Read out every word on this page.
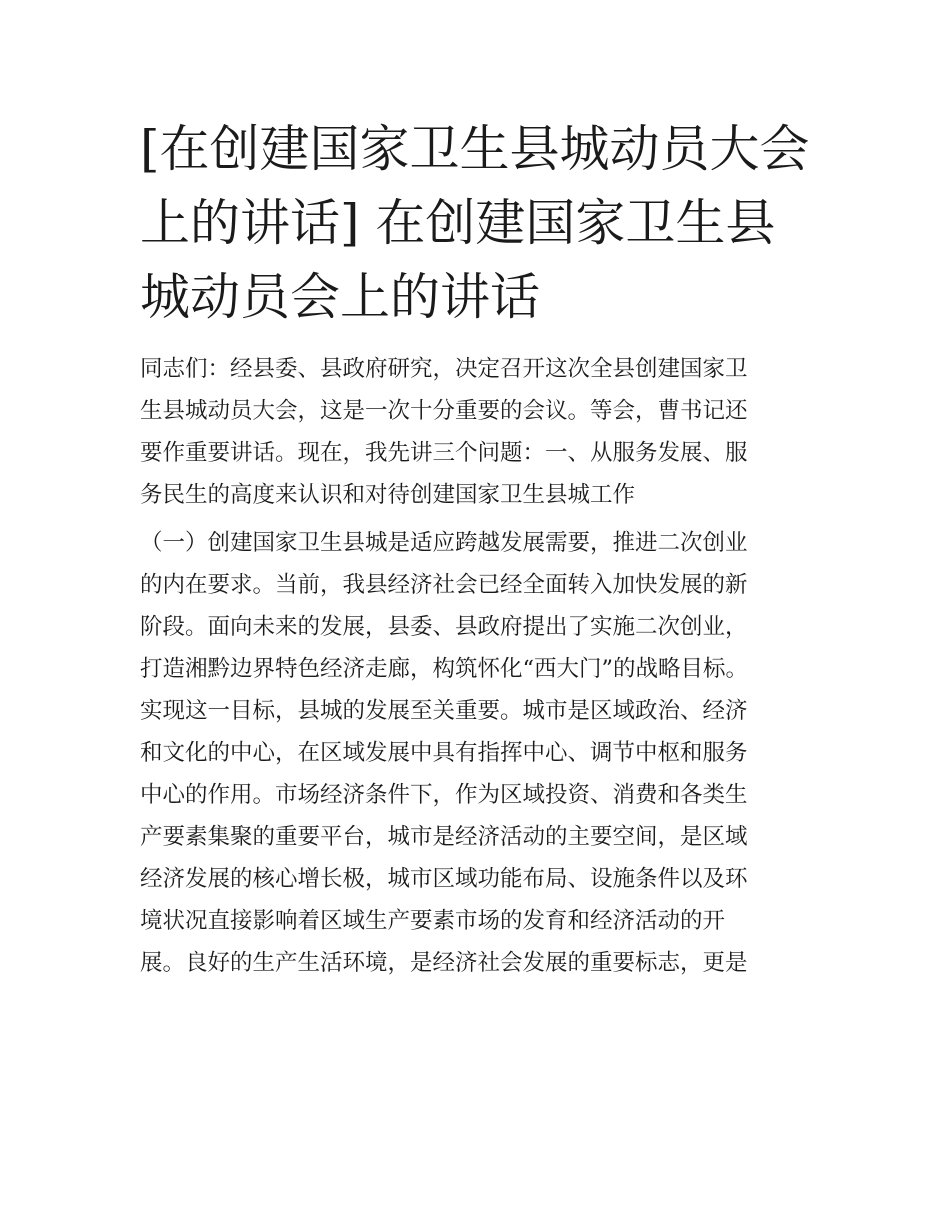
[在创建国家卫生县城动员大会
上的讲话] 在创建国家卫生县
城动员会上的讲话
同志们：经县委、县政府研究，决定召开这次全县创建国家卫
生县城动员大会，这是一次十分重要的会议。等会，曹书记还
要作重要讲话。现在，我先讲三个问题：一、从服务发展、服
务民生的高度来认识和对待创建国家卫生县城工作
（一）创建国家卫生县城是适应跨越发展需要，推进二次创业
的内在要求。当前，我县经济社会已经全面转入加快发展的新
阶段。面向未来的发展，县委、县政府提出了实施二次创业，
打造湘黔边界特色经济走廊，构筑怀化“西大门”的战略目标。
实现这一目标，县城的发展至关重要。城市是区域政治、经济
和文化的中心，在区域发展中具有指挥中心、调节中枢和服务
中心的作用。市场经济条件下，作为区域投资、消费和各类生
产要素集聚的重要平台，城市是经济活动的主要空间，是区域
经济发展的核心增长极，城市区域功能布局、设施条件以及环
境状况直接影响着区域生产要素市场的发育和经济活动的开
展。良好的生产生活环境，是经济社会发展的重要标志，更是
